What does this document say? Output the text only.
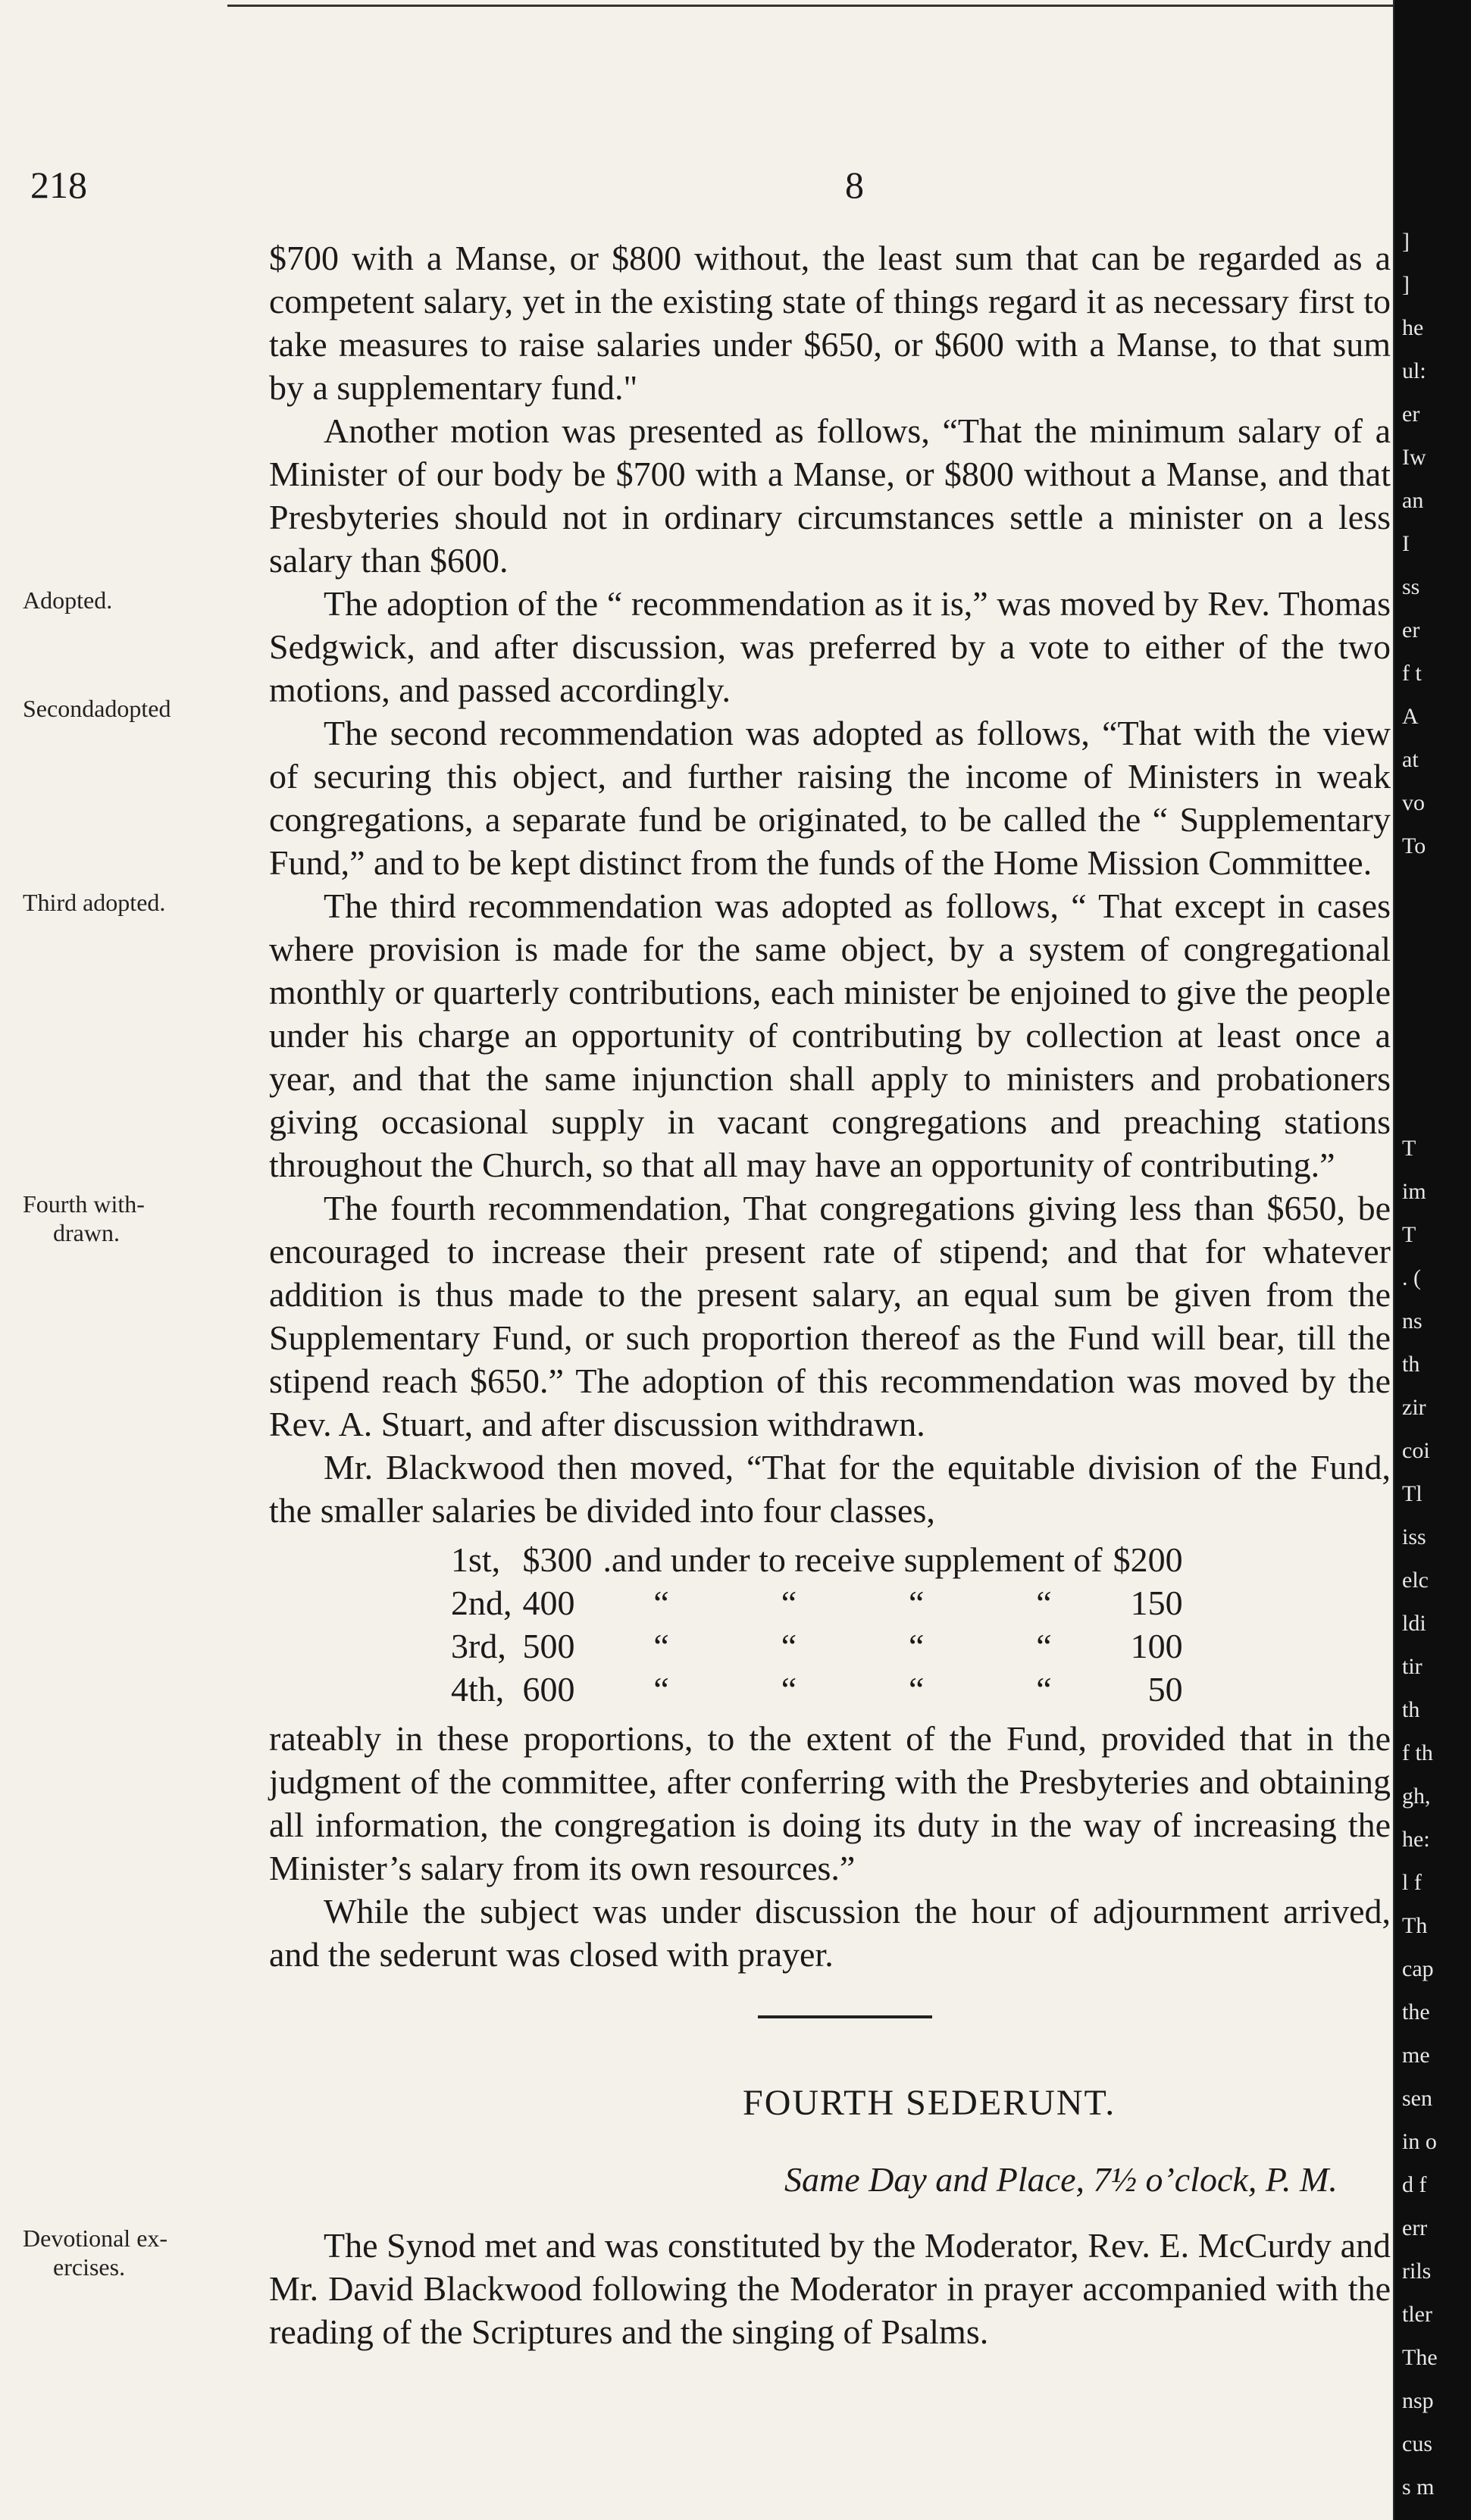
]
]
he
ul:
er
Iw
an
I
ss
er
f t
A
at
vo
To
T
im
T
. (
ns
th
zir
coi
Tl
iss
elc
ldi
tir
th
f th
gh,
he:
l f
Th
cap
the
me
sen
in o
d f
err
rils
tler
The
nsp
cus
s m
218	8
Adopted.
Secondadopted
Third adopted.
Fourth with-
drawn.
Devotional ex-
ercises.

$700 with a Manse, or $800 without, the least sum that can be regarded as a competent salary, yet in the existing state of things regard it as necessary first to take measures to raise salaries under $650, or $600 with a Manse, to that sum by a supplementary fund."

Another motion was presented as follows, “That the minimum salary of a Minister of our body be $700 with a Manse, or $800 without a Manse, and that Presbyteries should not in ordinary circumstances settle a minister on a less salary than $600.

The adoption of the “ recommendation as it is,” was moved by Rev. Thomas Sedgwick, and after discussion, was preferred by a vote to either of the two motions, and passed accordingly.

The second recommendation was adopted as follows, “That with the view of securing this object, and further raising the income of Ministers in weak congregations, a separate fund be originated, to be called the “ Supplementary Fund,” and to be kept distinct from the funds of the Home Mission Committee.

The third recommendation was adopted as follows, “ That except in cases where provision is made for the same object, by a system of congregational monthly or quarterly contributions, each minister be enjoined to give the people under his charge an opportunity of contributing by collection at least once a year, and that the same injunction shall apply to ministers and probationers giving occasional supply in vacant congregations and preaching stations throughout the Church, so that all may have an opportunity of contributing.”

The fourth recommendation, That congregations giving less than $650, be encouraged to increase their present rate of stipend; and that for whatever addition is thus made to the present salary, an equal sum be given from the Supplementary Fund, or such proportion thereof as the Fund will bear, till the stipend reach $650.” The adoption of this recommendation was moved by the Rev. A. Stuart, and after discussion withdrawn.

Mr. Blackwood then moved, “That for the equitable division of the Fund, the smaller salaries be divided into four classes,

1st,	$300	.and under to receive supplement of				$200
2nd,	400	“	“	“	“	150
3rd,	500	“	“	“	“	100
4th,	600	“	“	“	“	50

rateably in these proportions, to the extent of the Fund, provided that in the judgment of the committee, after conferring with the Presbyteries and obtaining all information, the congregation is doing its duty in the way of increasing the Minister’s salary from its own resources.”

While the subject was under discussion the hour of adjournment arrived, and the sederunt was closed with prayer.

FOURTH SEDERUNT.
Same Day and Place, 7½ o’clock, P. M.

The Synod met and was constituted by the Moderator, Rev. E. McCurdy and Mr. David Blackwood following the Moderator in prayer accompanied with the reading of the Scriptures and the singing of Psalms.
